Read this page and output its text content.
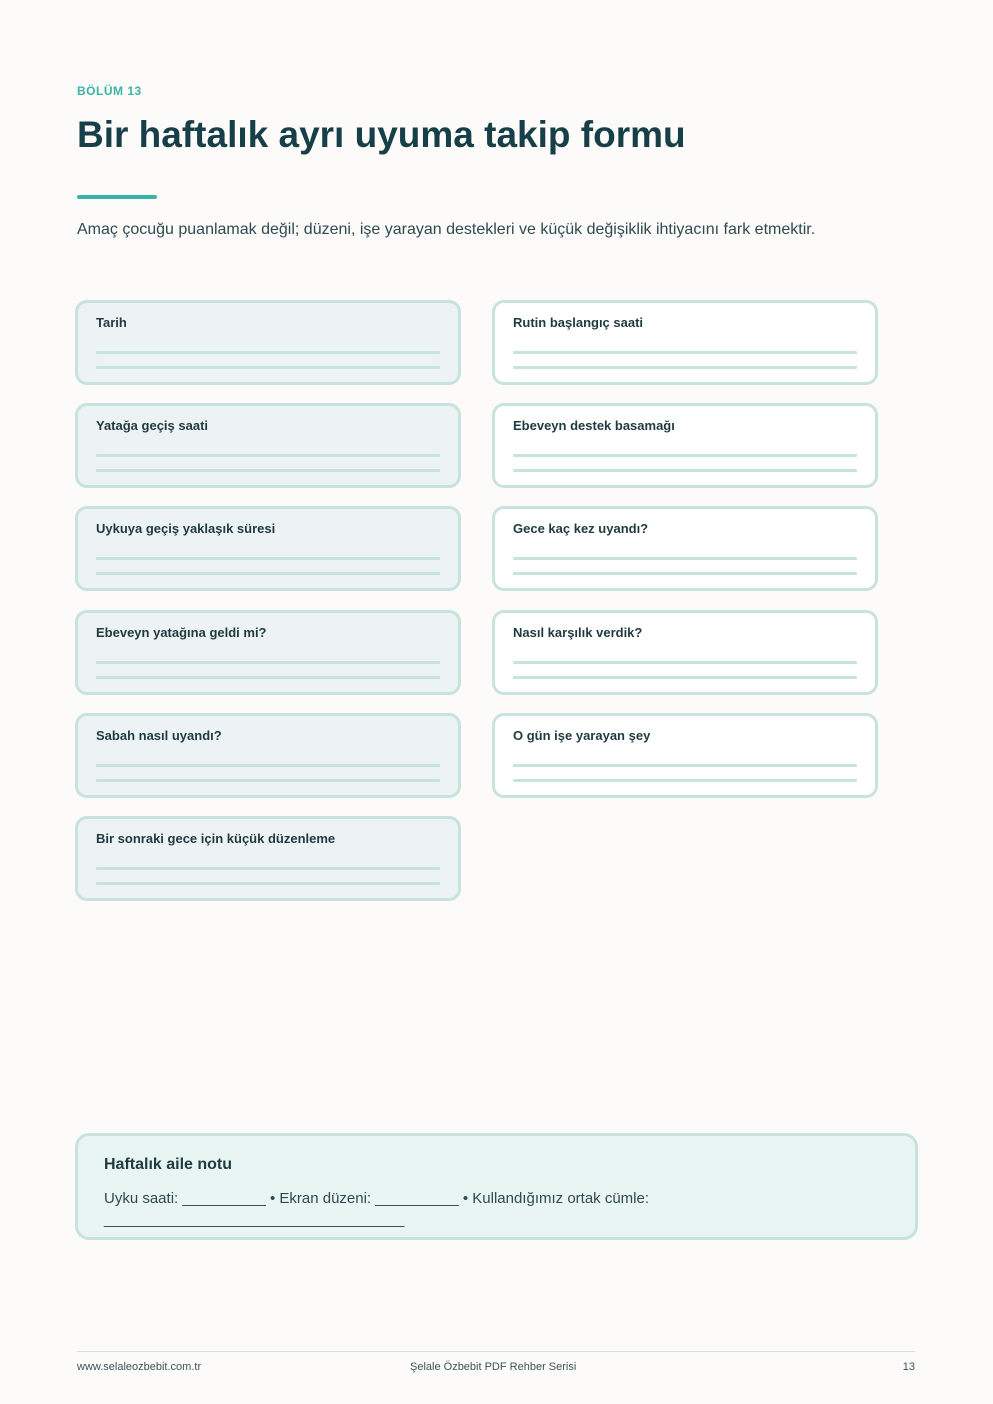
BÖLÜM 13
Bir haftalık ayrı uyuma takip formu
Amaç çocuğu puanlamak değil; düzeni, işe yarayan destekleri ve küçük değişiklik ihtiyacını fark etmektir.
Tarih
Yatağa geçiş saati
Uykuya geçiş yaklaşık süresi
Ebeveyn yatağına geldi mi?
Sabah nasıl uyandı?
Bir sonraki gece için küçük düzenleme
Rutin başlangıç saati
Ebeveyn destek basamağı
Gece kaç kez uyandı?
Nasıl karşılık verdik?
O gün işe yarayan şey
Haftalık aile notu
Uyku saati: __________ • Ekran düzeni: __________ • Kullandığımız ortak cümle: ____________________________________
www.selaleozbebit.com.tr	Şelale Özbebit PDF Rehber Serisi	13
